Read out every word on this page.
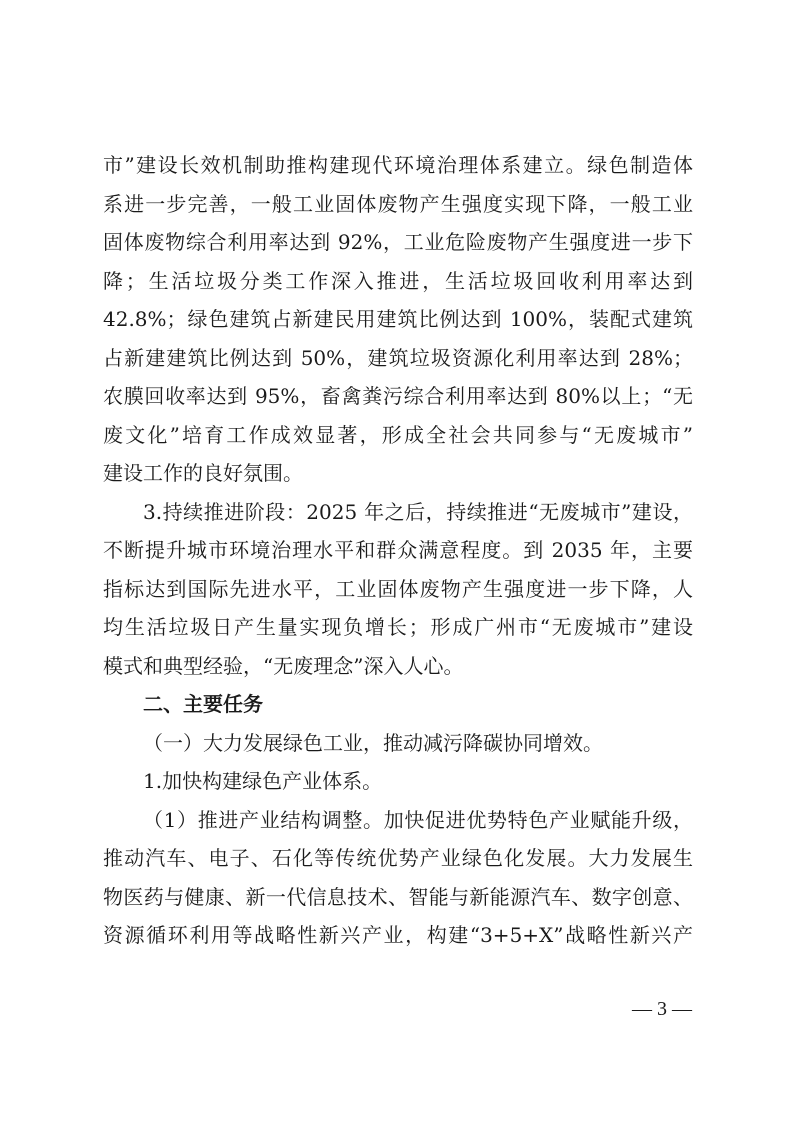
市”建设长效机制助推构建现代环境治理体系建立。绿色制造体
系进一步完善，一般工业固体废物产生强度实现下降，一般工业
固体废物综合利用率达到 92%，工业危险废物产生强度进一步下
降；生活垃圾分类工作深入推进，生活垃圾回收利用率达到
42.8%；绿色建筑占新建民用建筑比例达到 100%，装配式建筑
占新建建筑比例达到 50%，建筑垃圾资源化利用率达到 28%；
农膜回收率达到 95%，畜禽粪污综合利用率达到 80%以上；“无
废文化”培育工作成效显著，形成全社会共同参与“无废城市”
建设工作的良好氛围。
3.持续推进阶段：2025 年之后，持续推进“无废城市”建设，
不断提升城市环境治理水平和群众满意程度。到 2035 年，主要
指标达到国际先进水平，工业固体废物产生强度进一步下降，人
均生活垃圾日产生量实现负增长；形成广州市“无废城市”建设
模式和典型经验，“无废理念”深入人心。
二、主要任务
（一）大力发展绿色工业，推动减污降碳协同增效。
1.加快构建绿色产业体系。
（1）推进产业结构调整。加快促进优势特色产业赋能升级，
推动汽车、电子、石化等传统优势产业绿色化发展。大力发展生
物医药与健康、新一代信息技术、智能与新能源汽车、数字创意、
资源循环利用等战略性新兴产业，构建“3+5+X”战略性新兴产
— 3 —
